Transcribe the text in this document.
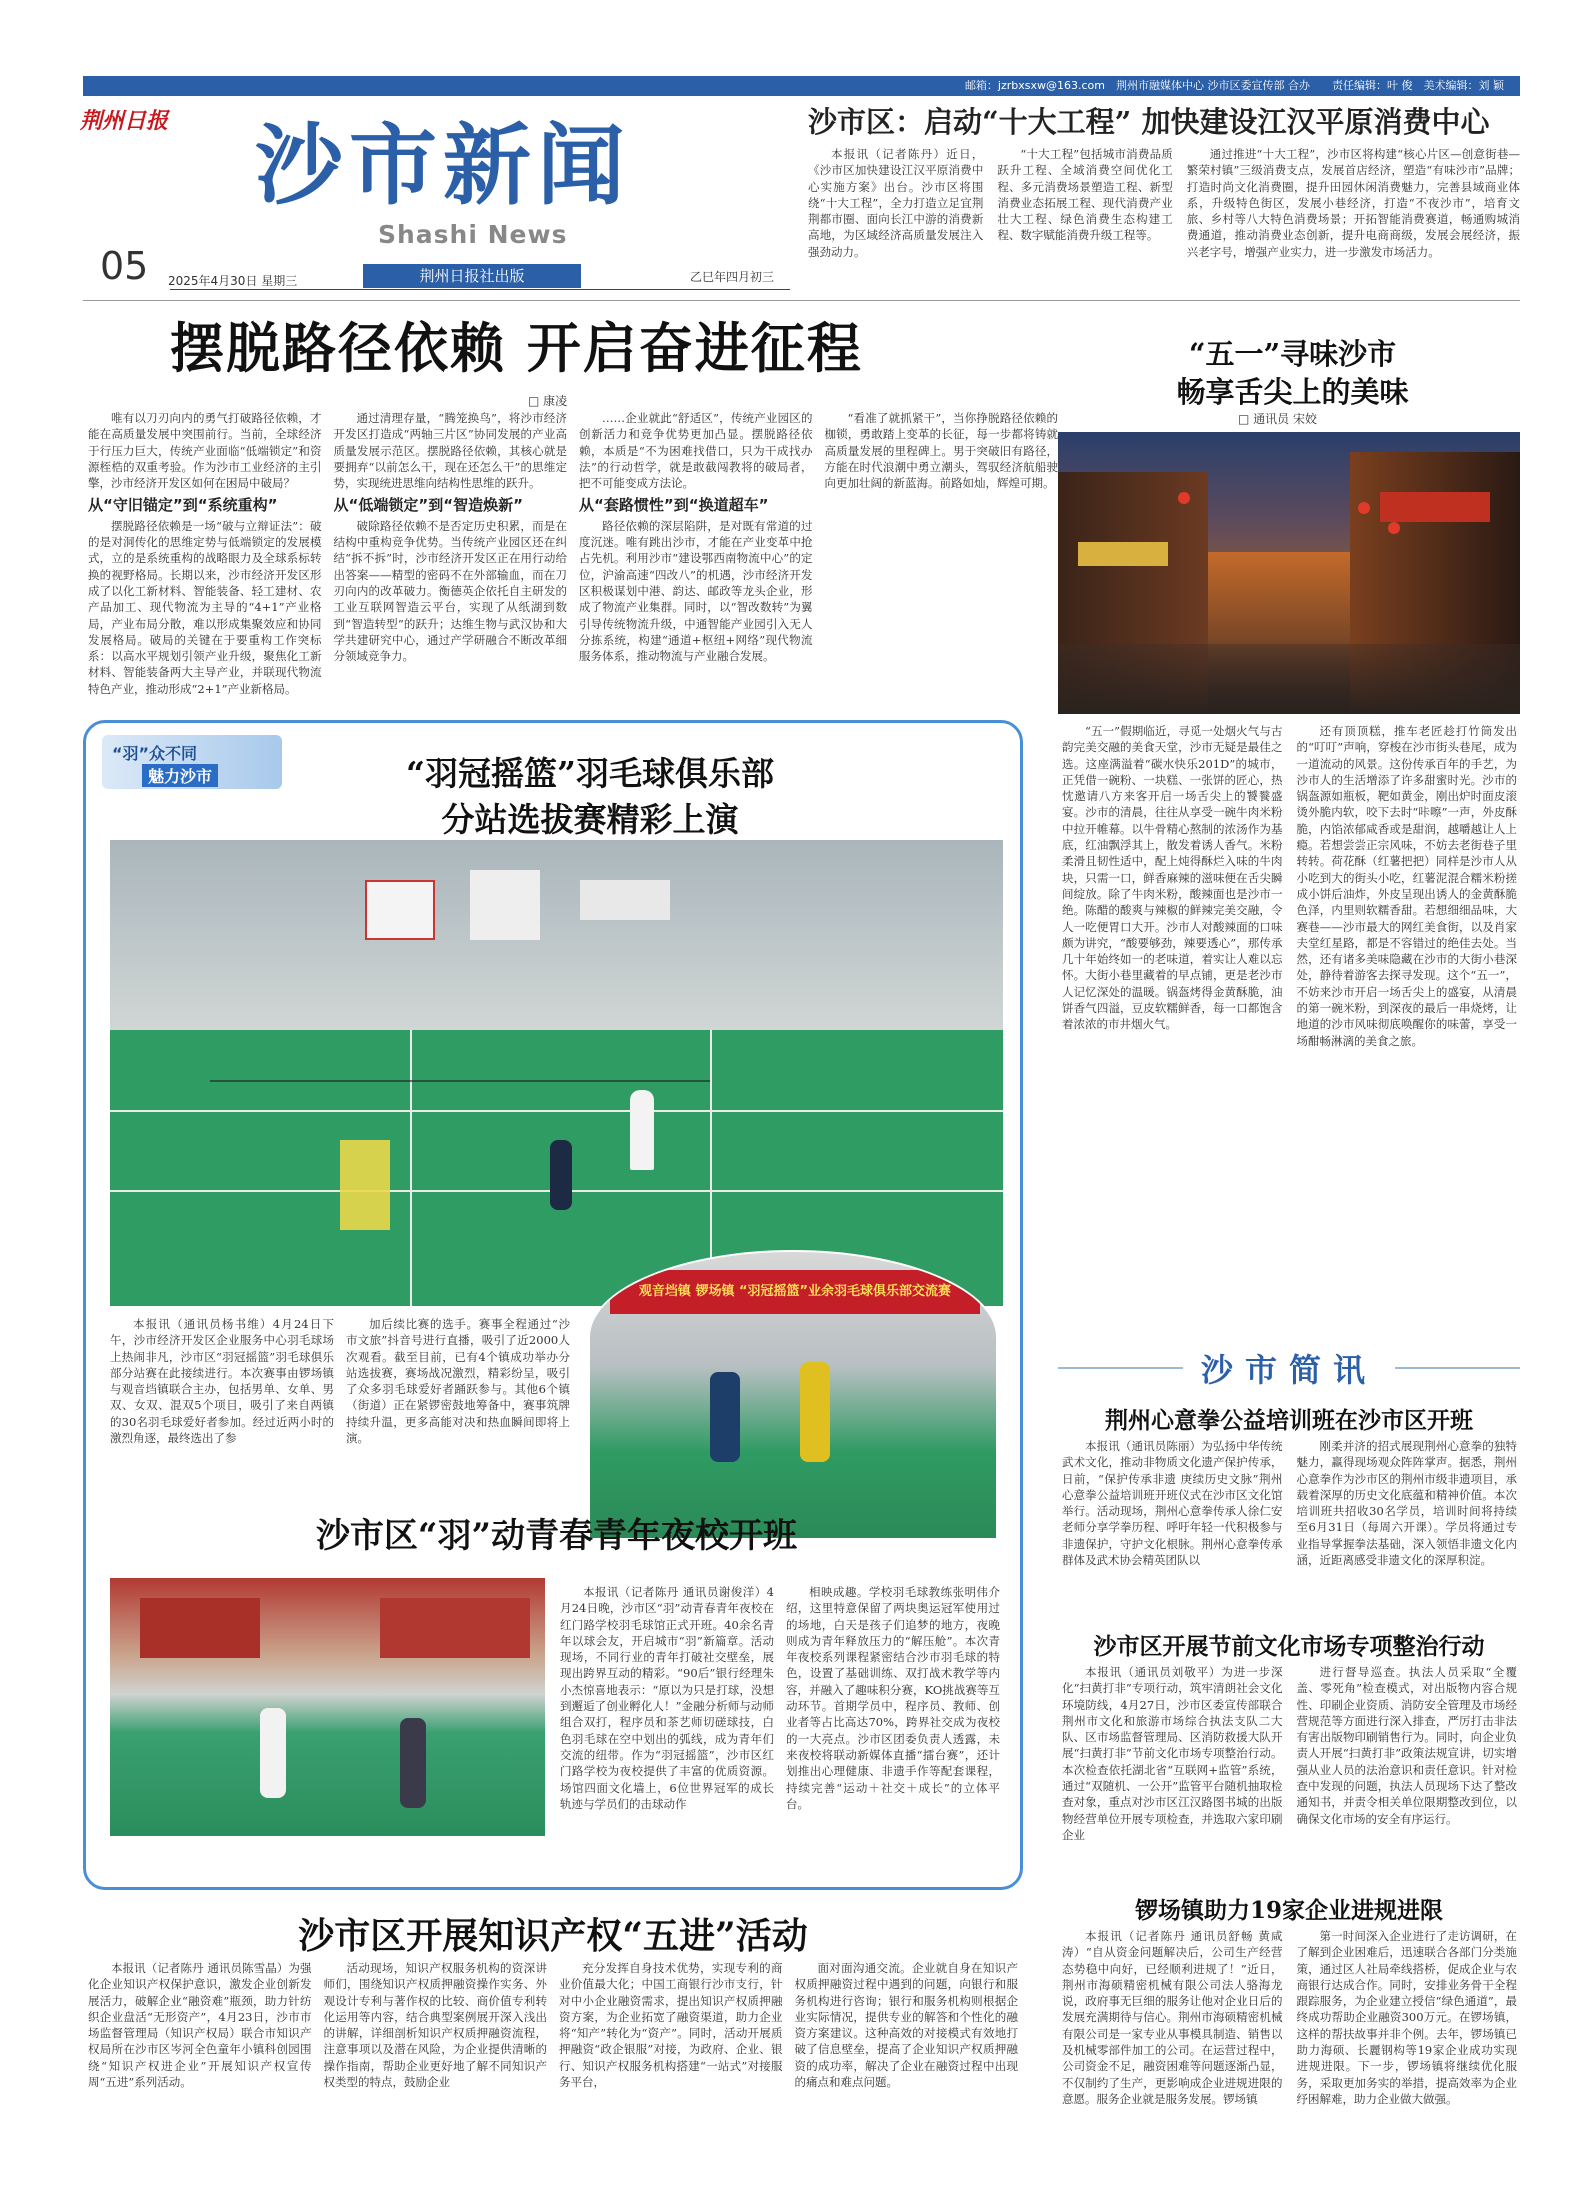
邮箱：jzrbxsxw@163.com　荆州市融媒体中心 沙市区委宣传部 合办　　责任编辑：叶 俊　美术编辑：刘 颖
荆州日报 沙市新闻
Shashi News
05 2025年4月30日 星期三	荆州日报社出版	乙巳年四月初三
沙市区：启动“十大工程” 加快建设江汉平原消费中心

本报讯（记者陈丹）近日，《沙市区加快建设江汉平原消费中心实施方案》出台。沙市区将围绕“十大工程”，全力打造立足宜荆荆都市圈、面向长江中游的消费新高地，为区域经济高质量发展注入强劲动力。

“十大工程”包括城市消费品质跃升工程、全域消费空间优化工程、多元消费场景塑造工程、新型消费业态拓展工程、现代消费产业壮大工程、绿色消费生态构建工程、数字赋能消费升级工程等。

通过推进“十大工程”，沙市区将构建“核心片区—创意街巷—繁荣村镇”三级消费支点，发展首店经济，塑造“有味沙市”品牌；打造时尚文化消费圈，提升田园休闲消费魅力，完善县域商业体系，升级特色街区，发展小巷经济，打造“不夜沙市”，培育文旅、乡村等八大特色消费场景；开拓智能消费赛道，畅通购城消费通道，推动消费业态创新，提升电商商级，发展会展经济，振兴老字号，增强产业实力，进一步激发市场活力。

摆脱路径依赖 开启奋进征程
□ 康凌

唯有以刀刃向内的勇气打破路径依赖，才能在高质量发展中突围前行。当前，全球经济于行压力巨大，传统产业面临“低端锁定”和资源桎梏的双重考验。作为沙市工业经济的主引擎，沙市经济开发区如何在困局中破局？

从“守旧锚定”到“系统重构”

摆脱路径依赖是一场“破与立辩证法”：破的是对洞传化的思维定势与低端锁定的发展模式，立的是系统重构的战略眼力及全球系标转换的视野格局。长期以来，沙市经济开发区形成了以化工新材料、智能装备、轻工建材、农产品加工、现代物流为主导的“4+1”产业格局，产业布局分散，难以形成集聚效应和协同发展格局。破局的关键在于要重构工作突标系：以高水平规划引领产业升级，聚焦化工新材料、智能装备两大主导产业，并联现代物流特色产业，推动形成“2+1”产业新格局。

通过清理存量，“腾笼换鸟”，将沙市经济开发区打造成“两轴三片区”协同发展的产业高质量发展示范区。摆脱路径依赖，其核心就是要拥弃“以前怎么干，现在还怎么干”的思维定势，实现统进思维向结构性思维的跃升。

从“低端锁定”到“智造焕新”

破除路径依赖不是否定历史积累，而是在结构中重构竞争优势。当传统产业园区还在纠结“拆不拆”时，沙市经济开发区正在用行动给出答案——精型的密码不在外部输血，而在刀刃向内的改革破力。衡德英企依托自主研发的工业互联网智造云平台，实现了从纸湖到数到“智造转型”的跃升；达维生物与武汉协和大学共建研究中心，通过产学研融合不断改革细分领域竞争力。

……企业就此“舒适区”，传统产业园区的创新活力和竞争优势更加凸显。摆脱路径依赖，本质是“不为困难找借口，只为干成找办法”的行动哲学，就是敢截闯教将的破局者，把不可能变成方法论。

从“套路惯性”到“换道超车”

路径依赖的深层陷阱，是对既有常道的过度沉迷。唯有跳出沙市，才能在产业变革中抢占先机。利用沙市“建设鄂西南物流中心”的定位，沪渝高速“四改八”的机遇，沙市经济开发区积极谋划中港、韵达、邮政等龙头企业，形成了物流产业集群。同时，以“智改数转”为翼引导传统物流升级，中通智能产业园引入无人分拣系统，构建“通道+枢纽+网络”现代物流服务体系，推动物流与产业融合发展。

“看准了就抓紧干”，当你挣脱路径依赖的枷锁，勇敢踏上变革的长征，每一步都将铸就高质量发展的里程碑上。男于突破旧有路径，方能在时代浪潮中勇立潮头，驾驭经济航船驶向更加壮阔的新蓝海。前路如灿，辉煌可期。

“五一”寻味沙市
畅享舌尖上的美味
□ 通讯员 宋姣

“五一”假期临近，寻觅一处烟火气与古韵完美交融的美食天堂，沙市无疑是最佳之选。这座满溢着“碳水快乐201D”的城市，正凭借一碗粉、一块糕、一张饼的匠心，热忱邀请八方来客开启一场舌尖上的饕餮盛宴。沙市的清晨，往往从享受一碗牛肉米粉中拉开帷幕。以牛骨精心熬制的浓汤作为基底，红油飘浮其上，散发着诱人香气。米粉柔滑且韧性适中，配上炖得酥烂入味的牛肉块，只需一口，鲜香麻辣的滋味便在舌尖瞬间绽放。除了牛肉米粉，酸辣面也是沙市一绝。陈醋的酸爽与辣椒的鲜辣完美交融，令人一吃便胃口大开。沙市人对酸辣面的口味颇为讲究，“酸要够劲，辣要透心”，那传承几十年始终如一的老味道，着实让人难以忘怀。大街小巷里藏着的早点铺，更是老沙市人记忆深处的温暖。锅盔烤得金黄酥脆，油饼香气四溢，豆皮软糯鲜香，每一口都饱含着浓浓的市井烟火气。

还有顶顶糕，推车老匠趁打竹筒发出的“叮叮”声响，穿梭在沙市街头巷尾，成为一道流动的风景。这份传承百年的手艺，为沙市人的生活增添了许多甜蜜时光。沙市的锅盔源如瓶板，靶如黄金，刚出炉时面皮滚烫外脆内软，咬下去时“咔嚓”一声，外皮酥脆，内馅浓郁咸香或是甜润，越嚼越让人上瘾。若想尝尝正宗风味，不妨去老街巷子里转转。荷花酥（红薯把把）同样是沙市人从小吃到大的街头小吃，红薯泥混合糯米粉搓成小饼后油炸，外皮呈现出诱人的金黄酥脆色泽，内里则软糯香甜。若想细细品味，大赛巷——沙市最大的网红美食街，以及肖家夫堂红星路，都是不容错过的绝佳去处。当然，还有诸多美味隐藏在沙市的大街小巷深处，静待着游客去探寻发现。这个“五一”，不妨来沙市开启一场舌尖上的盛宴，从清晨的第一碗米粉，到深夜的最后一串烧烤，让地道的沙市风味彻底唤醒你的味蕾，享受一场酣畅淋漓的美食之旅。

“羽”众不同
魅力沙市	“羽冠摇篮”羽毛球俱乐部
分站选拔赛精彩上演
观音垱镇 锣场镇 “羽冠摇篮”业余羽毛球俱乐部交流赛

本报讯（通讯员杨书维）4月24日下午，沙市经济开发区企业服务中心羽毛球场上热闹非凡，沙市区“羽冠摇篮”羽毛球俱乐部分站赛在此接续进行。本次赛事由锣场镇与观音垱镇联合主办，包括男单、女单、男双、女双、混双5个项目，吸引了来自两镇的30名羽毛球爱好者参加。经过近两小时的激烈角逐，最终选出了参

加后续比赛的选手。赛事全程通过“沙市文旅”抖音号进行直播，吸引了近2000人次观看。截至目前，已有4个镇成功举办分站选拔赛，赛场战况激烈，精彩纷呈，吸引了众多羽毛球爱好者踊跃参与。其他6个镇（街道）正在紧锣密鼓地筹备中，赛事筑牌持续升温，更多高能对决和热血瞬间即将上演。

沙市区“羽”动青春青年夜校开班

本报讯（记者陈丹 通讯员谢俊洋）4月24日晚，沙市区“羽”动青春青年夜校在红门路学校羽毛球馆正式开班。40余名青年以球会友，开启城市“羽”新篇章。活动现场，不同行业的青年打破社交壁垒，展现出跨界互动的精彩。“90后”银行经理朱小杰惊喜地表示：“原以为只是打球，没想到邂逅了创业孵化人！”金融分析师与动师组合双打，程序员和茶艺师切磋球技，白色羽毛球在空中划出的弧线，成为青年们交流的纽带。作为“羽冠摇篮”，沙市区红门路学校为夜校提供了丰富的优质资源。场馆四面文化墙上，6位世界冠军的成长轨迹与学员们的击球动作

相映成趣。学校羽毛球教练张明伟介绍，这里特意保留了两块奥运冠军使用过的场地，白天是孩子们追梦的地方，夜晚则成为青年释放压力的“解压舱”。本次青年夜校系列课程紧密结合沙市羽毛球的特色，设置了基础训练、双打战术教学等内容，并融入了趣味积分赛，KO挑战赛等互动环节。首期学员中，程序员、教师、创业者等占比高达70%，跨界社交成为夜校的一大亮点。沙市区团委负责人透露，未来夜校将联动新媒体直播“擂台赛”，还计划推出心理健康、非遗手作等配套课程，持续完善“运动＋社交＋成长”的立体平台。

沙市简讯
荆州心意拳公益培训班在沙市区开班

本报讯（通讯员陈丽）为弘扬中华传统武术文化，推动非物质文化遗产保护传承，日前，“保护传承非遗 庚续历史文脉”荆州心意拳公益培训班开班仪式在沙市区文化馆举行。活动现场，荆州心意拳传承人徐仁安老师分享学拳历程、呼吁年轻一代积极参与非遗保护，守护文化根脉。荆州心意拳传承群体及武术协会精英团队以

刚柔并济的招式展现荆州心意拳的独特魅力，赢得现场观众阵阵掌声。据悉，荆州心意拳作为沙市区的荆州市级非遗项目，承载着深厚的历史文化底蕴和精神价值。本次培训班共招收30名学员，培训时间将持续至6月31日（每周六开课）。学员将通过专业指导掌握拳法基础，深入领悟非遗文化内涵，近距离感受非遗文化的深厚积淀。

沙市区开展节前文化市场专项整治行动

本报讯（通讯员刘敬平）为进一步深化“扫黄打非”专项行动，筑牢清朗社会文化环境防线，4月27日，沙市区委宣传部联合荆州市文化和旅游市场综合执法支队二大队、区市场监督管理局、区消防救援大队开展“扫黄打非”节前文化市场专项整治行动。本次检查依托湖北省“互联网+监管”系统，通过“双随机、一公开”监管平台随机抽取检查对象，重点对沙市区江汉路图书城的出版物经营单位开展专项检查，并选取六家印刷企业

进行督导巡查。执法人员采取“全覆盖、零死角”检查模式，对出版物内容合规性、印刷企业资质、消防安全管理及市场经营规范等方面进行深入排查，严厉打击非法有害出版物印刷销售行为。同时，向企业负责人开展“扫黄打非”政策法规宣讲，切实增强从业人员的法治意识和责任意识。针对检查中发现的问题，执法人员现场下达了整改通知书，并责令相关单位限期整改到位，以确保文化市场的安全有序运行。

锣场镇助力19家企业进规进限

本报讯（记者陈丹 通讯员舒畅 黄咸涛）“自从资金问题解决后，公司生产经营态势稳中向好，已经顺利进规了！”近日，荆州市海硕精密机械有限公司法人骆海龙说，政府事无巨细的服务让他对企业日后的发展充满期待与信心。荆州市海硕精密机械有限公司是一家专业从事模具制造、销售以及机械零部件加工的公司。在运营过程中，公司资金不足，融资困难等问题逐渐凸显，不仅制约了生产，更影响成企业进规进限的意愿。服务企业就是服务发展。锣场镇

第一时间深入企业进行了走访调研，在了解到企业困难后，迅速联合各部门分类施策，通过区人社局牵线搭桥，促成企业与农商银行达成合作。同时，安排业务骨干全程跟踪服务，为企业建立授信“绿色通道”，最终成功帮助企业融资300万元。在锣场镇，这样的帮扶故事并非个例。去年，锣场镇已助力海硕、长麗钢构等19家企业成功实现进规进限。下一步，锣场镇将继续优化服务，采取更加务实的举措，提高效率为企业纾困解难，助力企业做大做强。

沙市区开展知识产权“五进”活动

本报讯（记者陈丹 通讯员陈雪晶）为强化企业知识产权保护意识，激发企业创新发展活力，破解企业“融资难”瓶颈，助力针纺织企业盘活“无形资产”，4月23日，沙市市场监督管理局（知识产权局）联合市知识产权局所在沙市区岑河全色童年小镇科创园围绕“知识产权进企业”开展知识产权宣传周“五进”系列活动。

活动现场，知识产权服务机构的资深讲师们，围绕知识产权质押融资操作实务、外观设计专利与著作权的比较、商价值专利转化运用等内容，结合典型案例展开深入浅出的讲解，详细剖析知识产权质押融资流程，注意事项以及潜在风险，为企业提供清晰的操作指南，帮助企业更好地了解不同知识产权类型的特点，鼓励企业

充分发挥自身技术优势，实现专利的商业价值最大化；中国工商银行沙市支行，针对中小企业融资需求，提出知识产权质押融资方案，为企业拓宽了融资渠道，助力企业将“知产”转化为“资产”。同时，活动开展质押融资“政企银服”对接，为政府、企业、银行、知识产权服务机构搭建“一站式”对接服务平台，

面对面沟通交流。企业就自身在知识产权质押融资过程中遇到的问题，向银行和服务机构进行咨询；银行和服务机构则根据企业实际情况，提供专业的解答和个性化的融资方案建议。这种高效的对接模式有效地打破了信息壁垒，提高了企业知识产权质押融资的成功率，解决了企业在融资过程中出现的痛点和难点问题。
